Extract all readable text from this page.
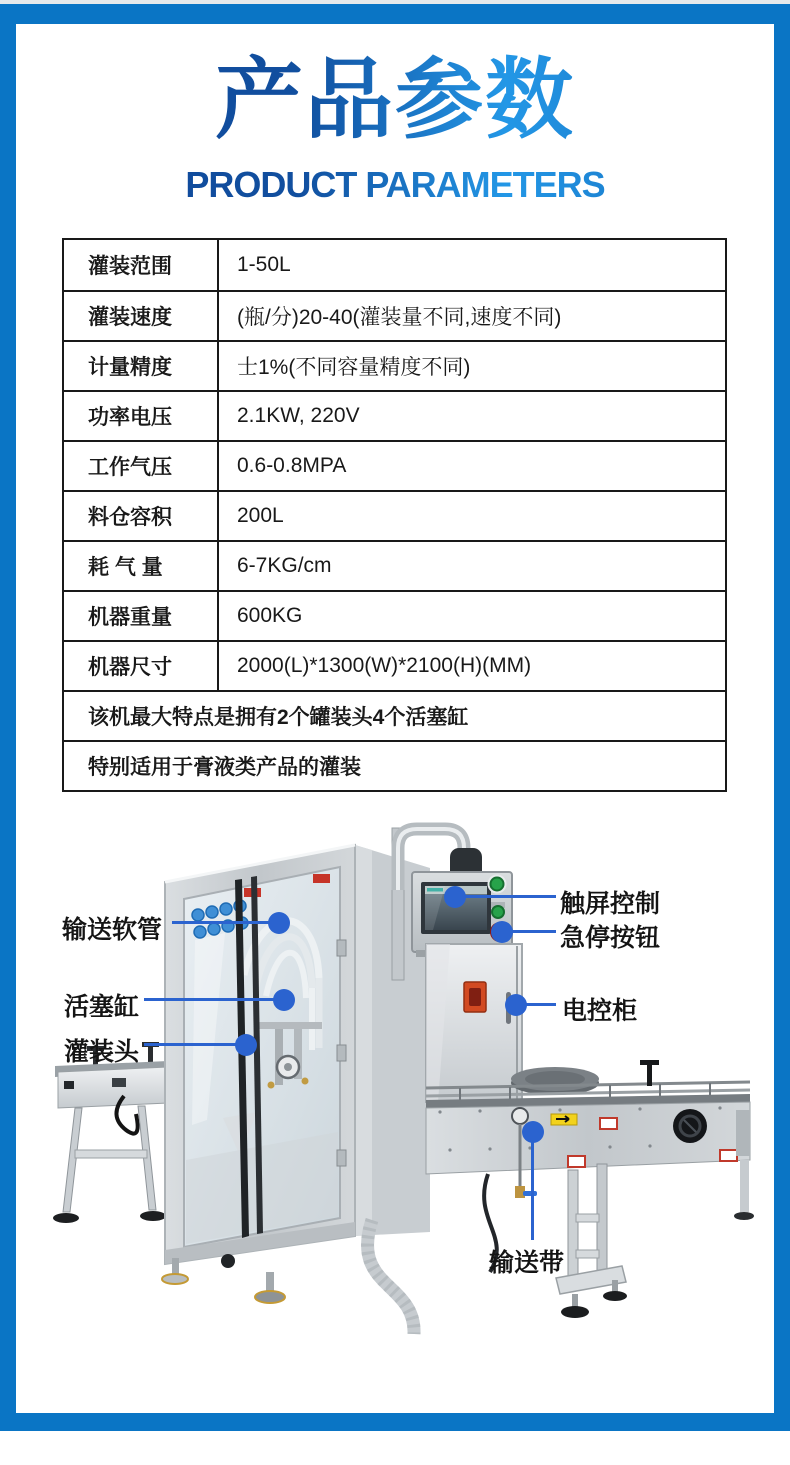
产品参数
PRODUCT PARAMETERS
灌装范围	1-50L
灌装速度	(瓶/分)20-40(灌装量不同,速度不同)
计量精度	士1%(不同容量精度不同)
功率电压	2.1KW, 220V
工作气压	0.6-0.8MPA
料仓容积	200L
耗 气 量	6-7KG/cm
机器重量	600KG
机器尺寸	2000(L)*1300(W)*2100(H)(MM)
该机最大特点是拥有2个罐装头4个活塞缸
特别适用于膏液类产品的灌装
输送软管
活塞缸
灌装头
触屏控制
急停按钮
电控柜
输送带
